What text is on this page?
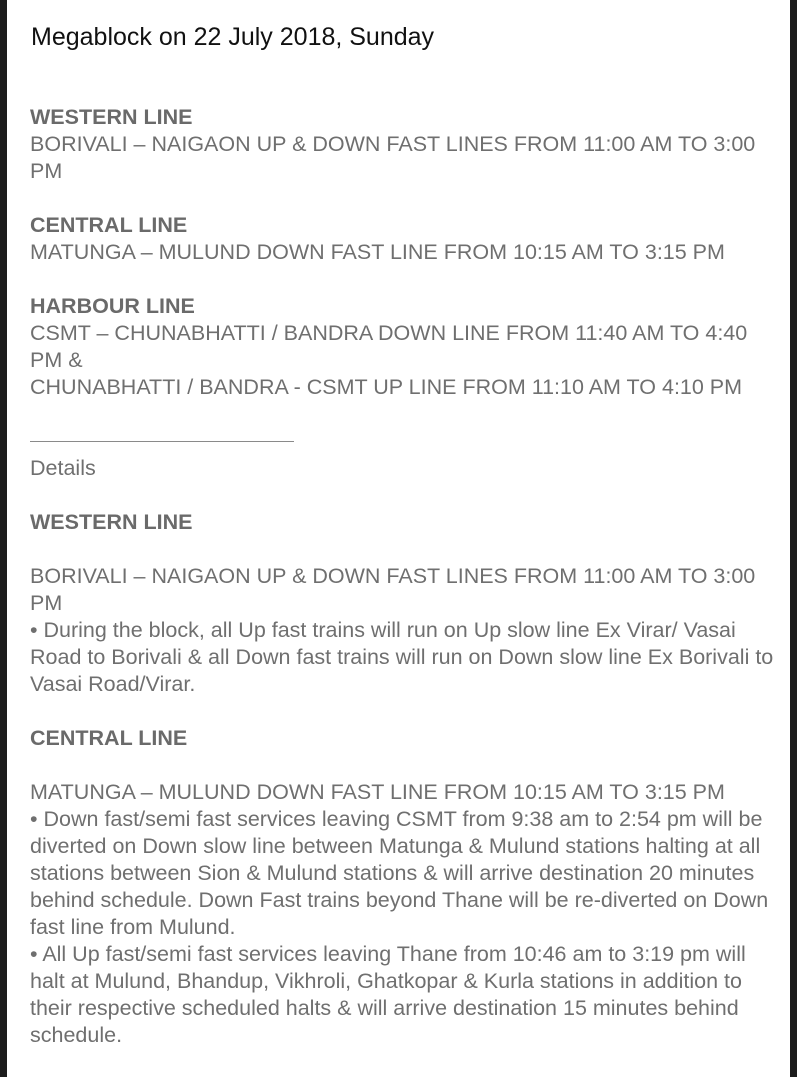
Megablock on 22 July 2018, Sunday

WESTERN LINE

BORIVALI – NAIGAON UP & DOWN FAST LINES FROM 11:00 AM TO 3:00 PM

CENTRAL LINE

MATUNGA – MULUND DOWN FAST LINE FROM 10:15 AM TO 3:15 PM

HARBOUR LINE

CSMT – CHUNABHATTI / BANDRA DOWN LINE FROM 11:40 AM TO 4:40 PM &

CHUNABHATTI / BANDRA - CSMT UP LINE FROM 11:10 AM TO 4:10 PM

Details

WESTERN LINE

BORIVALI – NAIGAON UP & DOWN FAST LINES FROM 11:00 AM TO 3:00 PM

• During the block, all Up fast trains will run on Up slow line Ex Virar/ Vasai Road to Borivali & all Down fast trains will run on Down slow line Ex Borivali to Vasai Road/Virar.

CENTRAL LINE

MATUNGA – MULUND DOWN FAST LINE FROM 10:15 AM TO 3:15 PM

• Down fast/semi fast services leaving CSMT from 9:38 am to 2:54 pm will be diverted on Down slow line between Matunga & Mulund stations halting at all stations between Sion & Mulund stations & will arrive destination 20 minutes behind schedule. Down Fast trains beyond Thane will be re-diverted on Down fast line from Mulund.

• All Up fast/semi fast services leaving Thane from 10:46 am to 3:19 pm will halt at Mulund, Bhandup, Vikhroli, Ghatkopar & Kurla stations in addition to their respective scheduled halts & will arrive destination 15 minutes behind schedule.
